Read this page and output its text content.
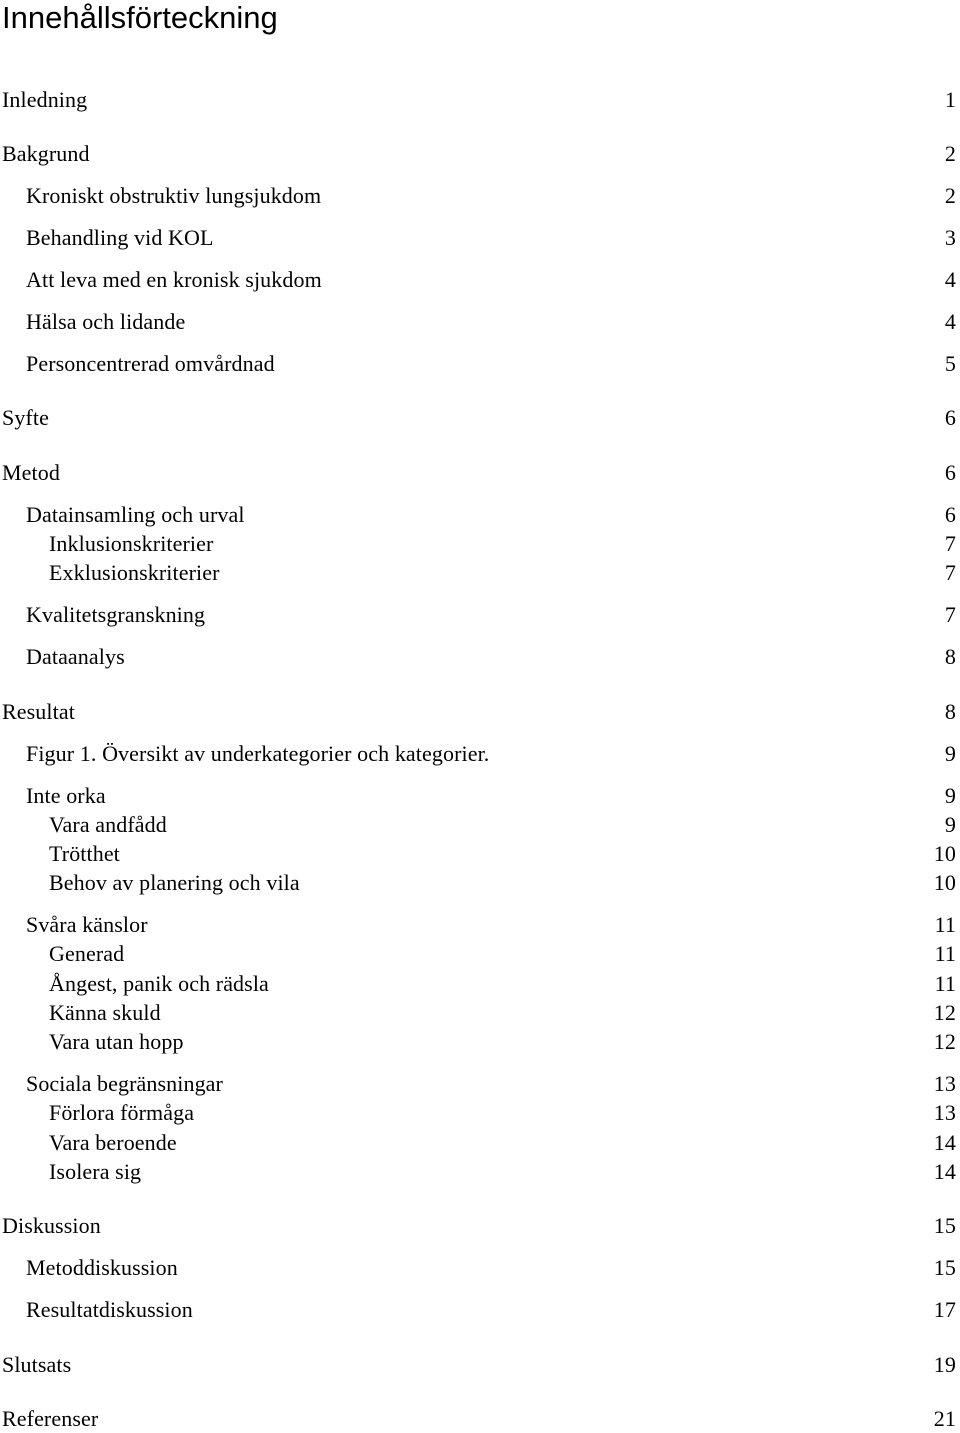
Innehållsförteckning
Inledning	1
Bakgrund	2
Kroniskt obstruktiv lungsjukdom	2
Behandling vid KOL	3
Att leva med en kronisk sjukdom	4
Hälsa och lidande	4
Personcentrerad omvårdnad	5
Syfte	6
Metod	6
Datainsamling och urval	6
Inklusionskriterier	7
Exklusionskriterier	7
Kvalitetsgranskning	7
Dataanalys	8
Resultat	8
Figur 1. Översikt av underkategorier och kategorier.	9
Inte orka	9
Vara andfådd	9
Trötthet	10
Behov av planering och vila	10
Svåra känslor	11
Generad	11
Ångest, panik och rädsla	11
Känna skuld	12
Vara utan hopp	12
Sociala begränsningar	13
Förlora förmåga	13
Vara beroende	14
Isolera sig	14
Diskussion	15
Metoddiskussion	15
Resultatdiskussion	17
Slutsats	19
Referenser	21
